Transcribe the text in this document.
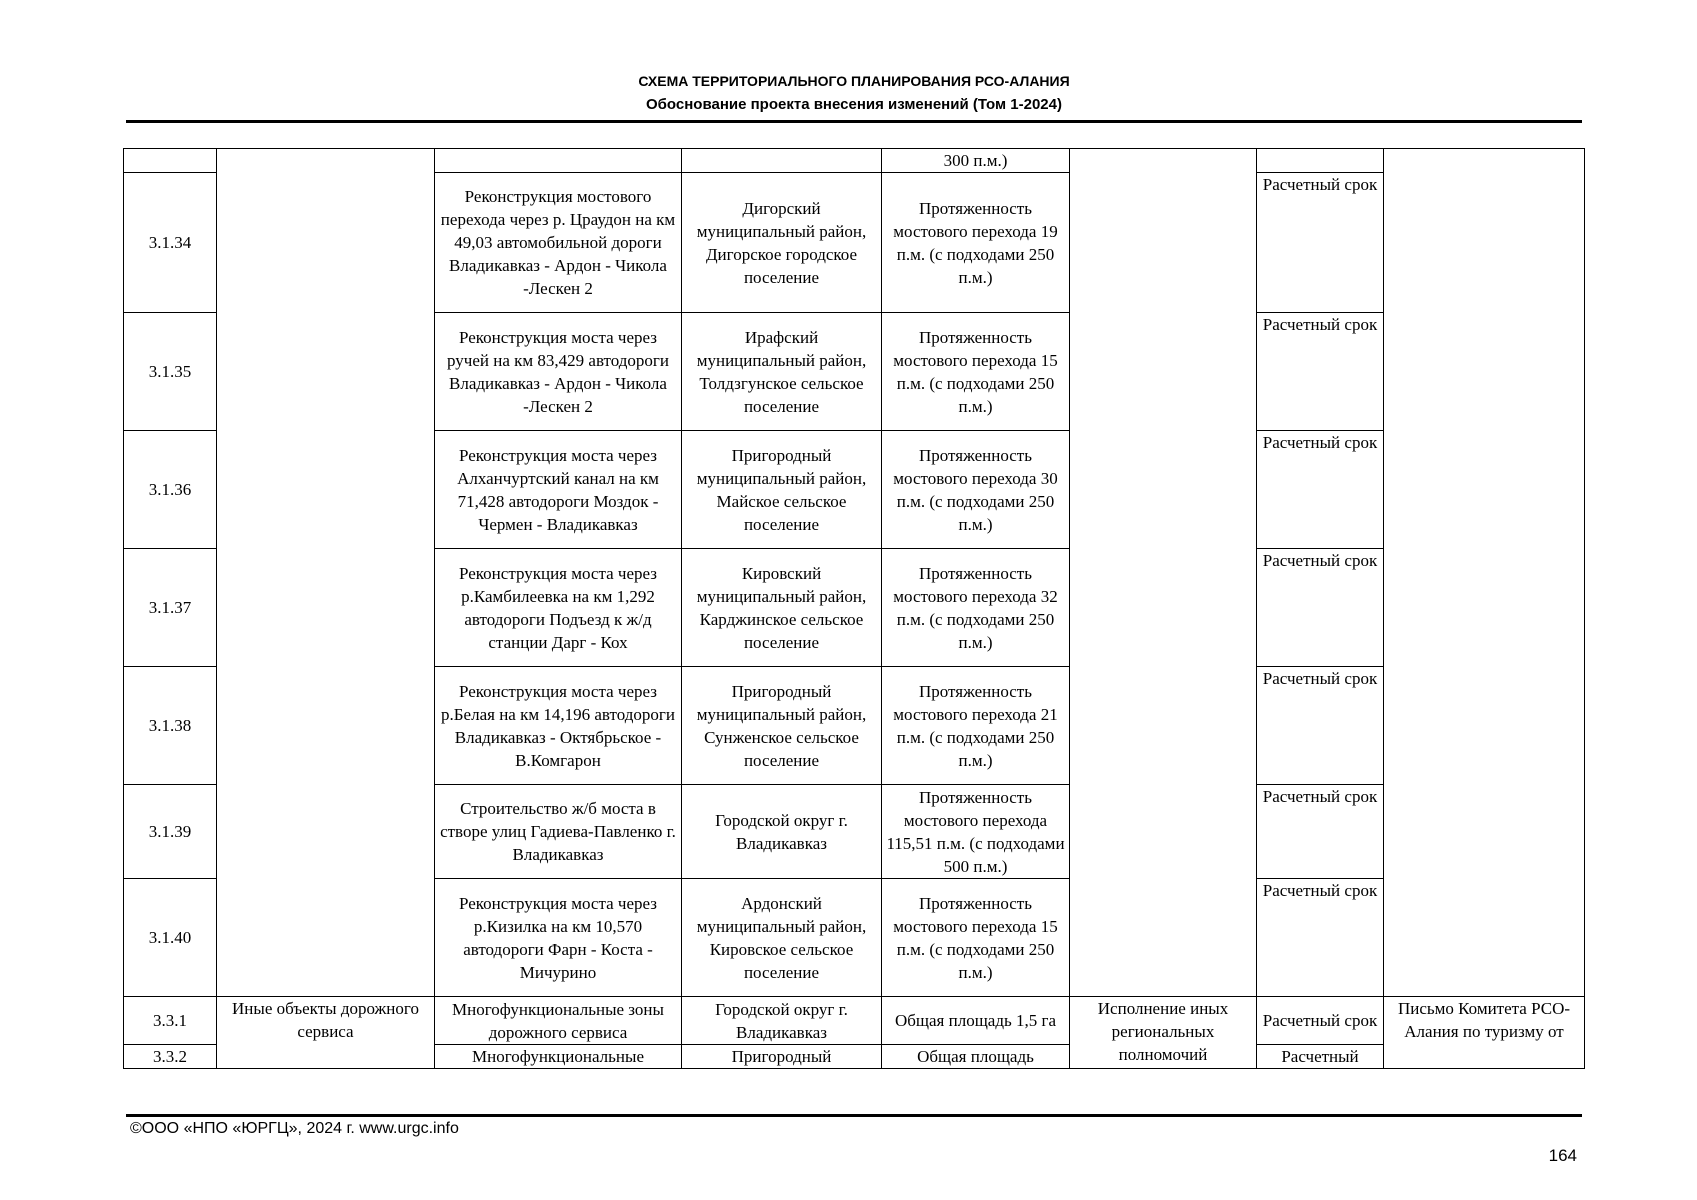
СХЕМА ТЕРРИТОРИАЛЬНОГО ПЛАНИРОВАНИЯ РСО-АЛАНИЯ
Обоснование проекта внесения изменений (Том 1-2024)

				300 п.м.)			

3.1.34		Реконструкция мостового перехода через р. Цраудон на км 49,03 автомобильной дороги Владикавказ - Ардон - Чикола -Лескен 2	Дигорский муниципальный район, Дигорское городское поселение	Протяженность мостового перехода 19 п.м. (с подходами 250 п.м.)		Расчетный срок	

3.1.35		Реконструкция моста через ручей на км 83,429 автодороги Владикавказ - Ардон - Чикола -Лескен 2	Ирафский муниципальный район, Толдзгунское сельское поселение	Протяженность мостового перехода 15 п.м. (с подходами 250 п.м.)		Расчетный срок	

3.1.36		Реконструкция моста через Алханчуртский канал на км 71,428 автодороги Моздок - Чермен - Владикавказ	Пригородный муниципальный район, Майское сельское поселение	Протяженность мостового перехода 30 п.м. (с подходами 250 п.м.)		Расчетный срок	

3.1.37		Реконструкция моста через р.Камбилеевка на км 1,292 автодороги Подъезд к ж/д станции Дарг - Кох	Кировский муниципальный район, Карджинское сельское поселение	Протяженность мостового перехода 32 п.м. (с подходами 250 п.м.)		Расчетный срок	

3.1.38		Реконструкция моста через р.Белая на км 14,196 автодороги Владикавказ - Октябрьское - В.Комгарон	Пригородный муниципальный район, Сунженское сельское поселение	Протяженность мостового перехода 21 п.м. (с подходами 250 п.м.)		Расчетный срок	

3.1.39		Строительство ж/б моста в створе улиц Гадиева-Павленко г. Владикавказ	Городской округ г. Владикавказ	Протяженность мостового перехода 115,51 п.м. (с подходами 500 п.м.)		Расчетный срок	

3.1.40		Реконструкция моста через р.Кизилка на км 10,570 автодороги Фарн - Коста - Мичурино	Ардонский муниципальный район, Кировское сельское поселение	Протяженность мостового перехода 15 п.м. (с подходами 250 п.м.)		Расчетный срок	

3.3.1	Иные объекты дорожного сервиса	Многофункциональные зоны дорожного сервиса	Городской округ г. Владикавказ	Общая площадь 1,5 га	Исполнение иных региональных полномочий	Расчетный срок	Письмо Комитета РСО-Алания по туризму от

3.3.2		Многофункциональные	Пригородный	Общая площадь		Расчетный	
©ООО «НПО «ЮРГЦ», 2024 г. www.urgc.info
164
